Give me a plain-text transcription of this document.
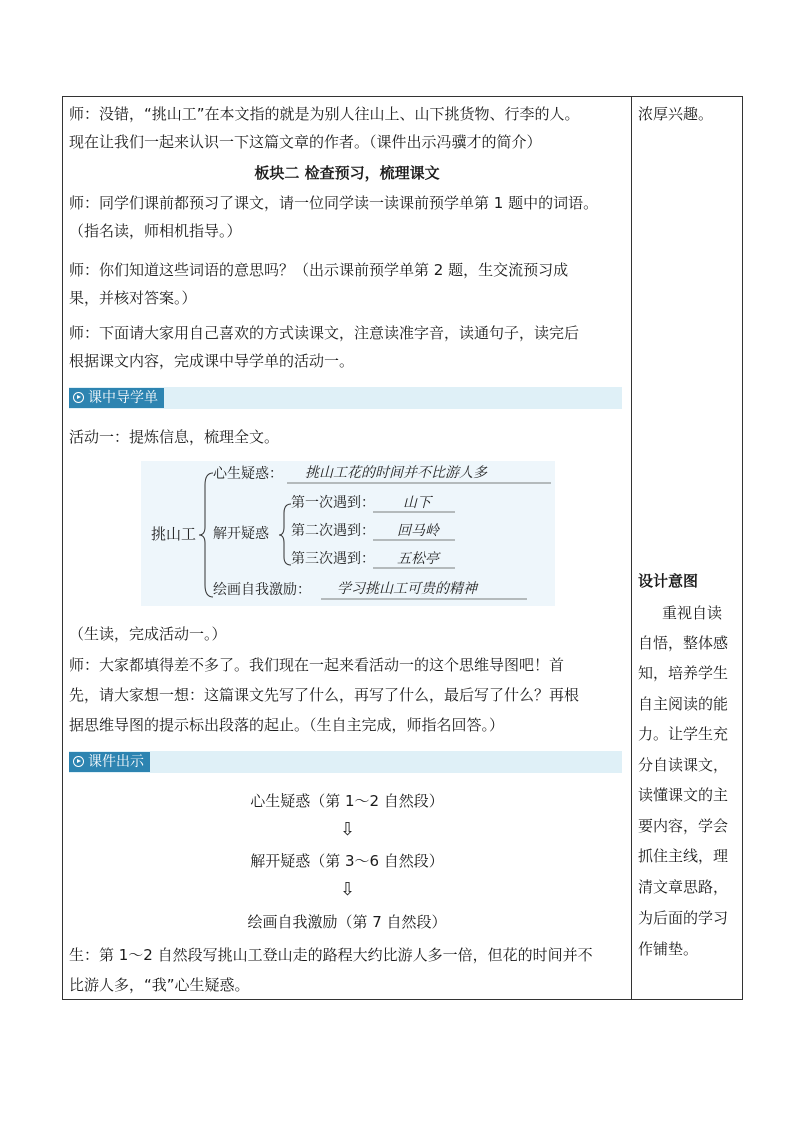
师：没错，“挑山工”在本文指的就是为别人往山上、山下挑货物、行李的人。
现在让我们一起来认识一下这篇文章的作者。（课件出示冯骥才的简介）
板块二 检查预习，梳理课文
师：同学们课前都预习了课文，请一位同学读一读课前预学单第 1 题中的词语。
（指名读，师相机指导。）
师：你们知道这些词语的意思吗？（出示课前预学单第 2 题，生交流预习成
果，并核对答案。）
师：下面请大家用自己喜欢的方式读课文，注意读准字音，读通句子，读完后
根据课文内容，完成课中导学单的活动一。
课中导学单
活动一：提炼信息，梳理全文。
挑山工
心生疑惑： 挑山工花的时间并不比游人多
解开疑惑
第一次遇到： 山下
第二次遇到： 回马岭
第三次遇到： 五松亭
绘画自我激励： 学习挑山工可贵的精神
（生读，完成活动一。）
师：大家都填得差不多了。我们现在一起来看活动一的这个思维导图吧！首
先，请大家想一想：这篇课文先写了什么，再写了什么，最后写了什么？再根
据思维导图的提示标出段落的起止。（生自主完成，师指名回答。）
课件出示
心生疑惑（第 1～2 自然段）
⇩
解开疑惑（第 3～6 自然段）
⇩
绘画自我激励（第 7 自然段）
生：第 1～2 自然段写挑山工登山走的路程大约比游人多一倍，但花的时间并不
比游人多，“我”心生疑惑。
浓厚兴趣。
设计意图
重视自读
自悟，整体感
知，培养学生
自主阅读的能
力。让学生充
分自读课文，
读懂课文的主
要内容，学会
抓住主线，理
清文章思路，
为后面的学习
作铺垫。
